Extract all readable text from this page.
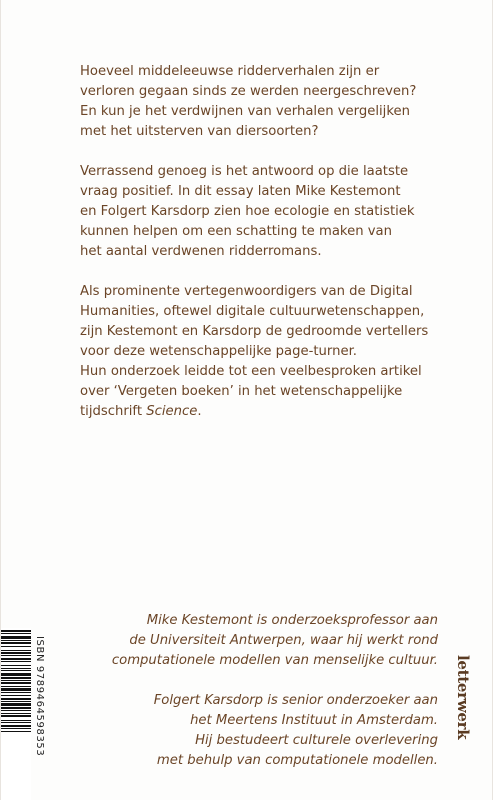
Hoeveel middeleeuwse ridderverhalen zijn er
verloren gegaan sinds ze werden neergeschreven?
En kun je het verdwijnen van verhalen vergelijken
met het uitsterven van diersoorten?

Verrassend genoeg is het antwoord op die laatste
vraag positief. In dit essay laten Mike Kestemont
en Folgert Karsdorp zien hoe ecologie en statistiek
kunnen helpen om een schatting te maken van
het aantal verdwenen ridderromans.

Als prominente vertegenwoordigers van de Digital
Humanities, oftewel digitale cultuurwetenschappen,
zijn Kestemont en Karsdorp de gedroomde vertellers
voor deze wetenschappelijke page-turner.
Hun onderzoek leidde tot een veelbesproken artikel
over ‘Vergeten boeken’ in het wetenschappelijke
tijdschrift Science.

Mike Kestemont is onderzoeksprofessor aan
de Universiteit Antwerpen, waar hij werkt rond
computationele modellen van menselijke cultuur.

Folgert Karsdorp is senior onderzoeker aan
het Meertens Instituut in Amsterdam.
Hij bestudeert culturele overlevering
met behulp van computationele modellen.

ISBN 9789464598353	letterwerk
